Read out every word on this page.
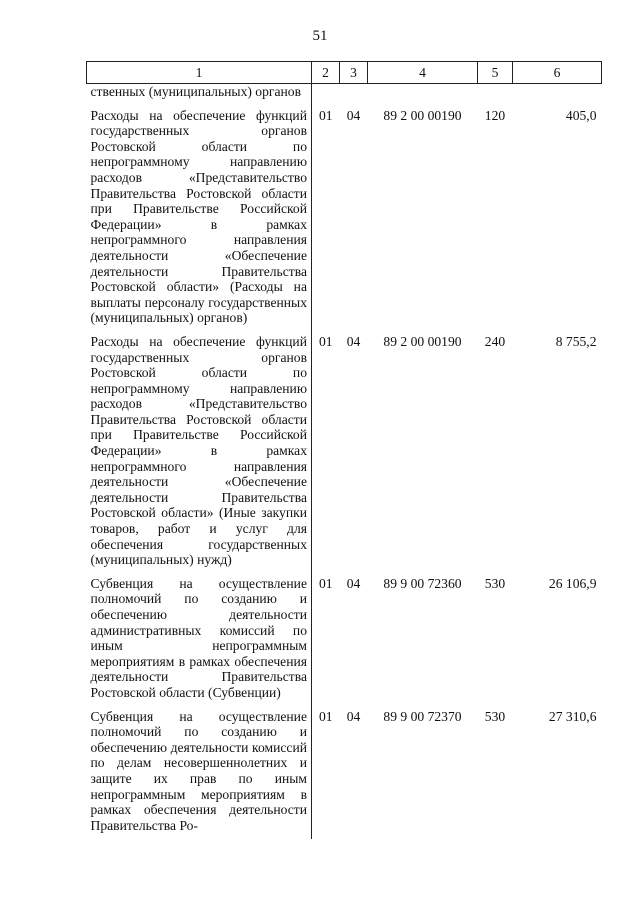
51
1	2	3	4	5	6
ственных (муниципальных) органов					
Расходы на обеспечение функций государственных органов Ростовской области по непрограммному направлению расходов «Представительство Правительства Ростовской области при Правительстве Российской Федерации» в рамках непрограммного направления деятельности «Обеспечение деятельности Правительства Ростовской области» (Расходы на выплаты персоналу государственных (муниципальных) органов)	01	04	89 2 00 00190	120	405,0
Расходы на обеспечение функций государственных органов Ростовской области по непрограммному направлению расходов «Представительство Правительства Ростовской области при Правительстве Российской Федерации» в рамках непрограммного направления деятельности «Обеспечение деятельности Правительства Ростовской области» (Иные закупки товаров, работ и услуг для обеспечения государственных (муниципальных) нужд)	01	04	89 2 00 00190	240	8 755,2
Субвенция на осуществление полномочий по созданию и обеспечению деятельности административных комиссий по иным непрограммным мероприятиям в рамках обеспечения деятельности Правительства Ростовской области (Субвенции)	01	04	89 9 00 72360	530	26 106,9
Субвенция на осуществление полномочий по созданию и обеспечению деятельности комиссий по делам несовершеннолетних и защите их прав по иным непрограммным мероприятиям в рамках обеспечения деятельности Правительства Ро-	01	04	89 9 00 72370	530	27 310,6
